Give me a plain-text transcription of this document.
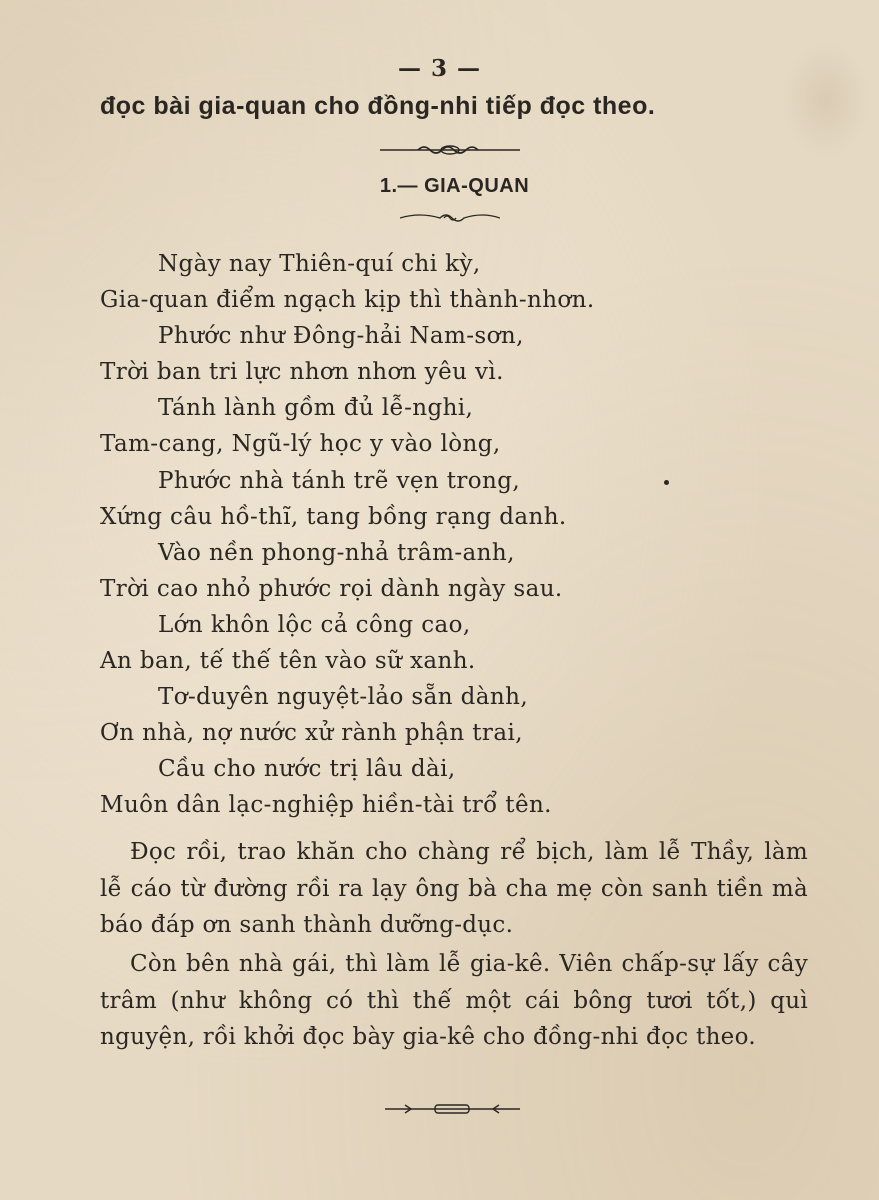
— 3 —
đọc bài gia-quan cho đồng-nhi tiếp đọc theo.
1.— GIA-QUAN
Ngày nay Thiên-quí chi kỳ,
Gia-quan điểm ngạch kịp thì thành-nhơn.
Phước như Đông-hải Nam-sơn,
Trời ban tri lực nhơn nhơn yêu vì.
Tánh lành gồm đủ lễ-nghi,
Tam-cang, Ngũ-lý học y vào lòng,
Phước nhà tánh trẽ vẹn trong,
Xứng câu hồ-thĩ, tang bồng rạng danh.
Vào nền phong-nhả trâm-anh,
Trời cao nhỏ phước rọi dành ngày sau.
Lớn khôn lộc cả công cao,
An ban, tế thế tên vào sữ xanh.
Tơ-duyên nguyệt-lảo sẵn dành,
Ơn nhà, nợ nước xử rành phận trai,
Cầu cho nước trị lâu dài,
Muôn dân lạc-nghiệp hiền-tài trổ tên.

Đọc rồi, trao khăn cho chàng rể bịch, làm lễ Thầy, làm lễ cáo từ đường rồi ra lạy ông bà cha mẹ còn sanh tiền mà báo đáp ơn sanh thành dưỡng-dục.

Còn bên nhà gái, thì làm lễ gia-kê. Viên chấp-sự lấy cây trâm (như không có thì thế một cái bông tươi tốt,) quì nguyện, rồi khởi đọc bày gia-kê cho đồng-nhi đọc theo.
